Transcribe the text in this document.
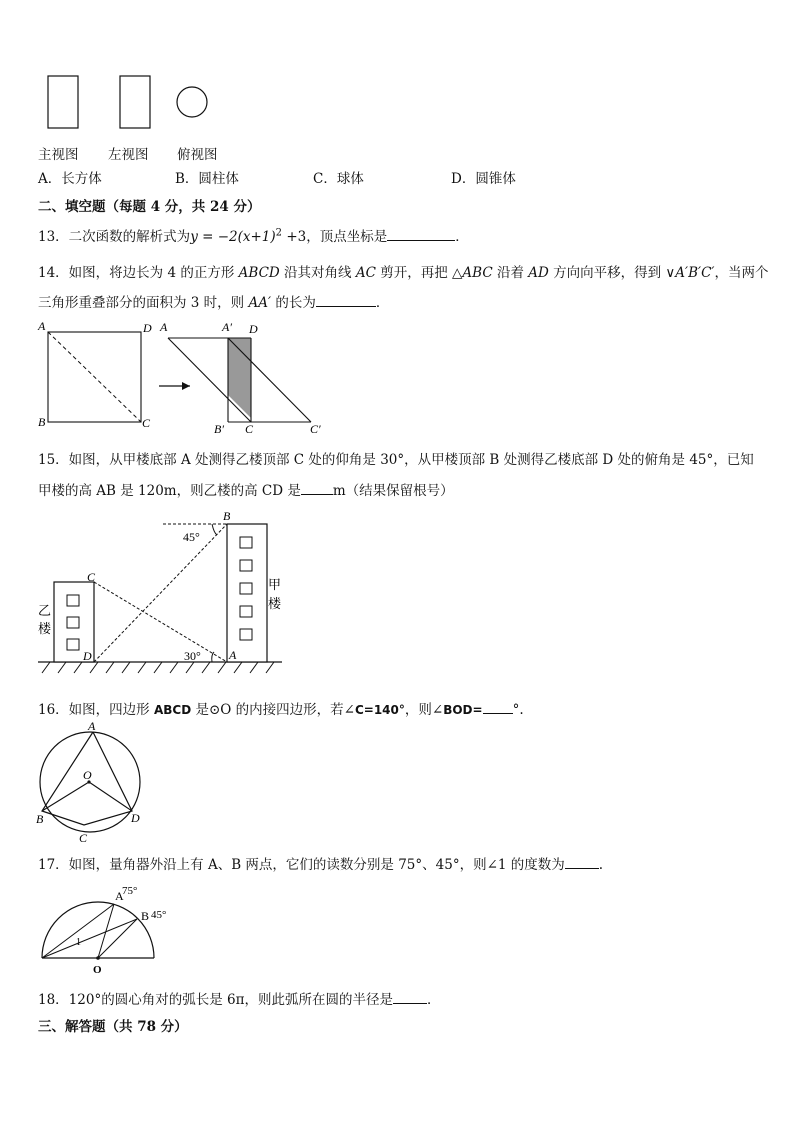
主视图 左视图 俯视图
A．长方体	B．圆柱体	C．球体	D．圆锥体
二、填空题（每题 4 分，共 24 分）
13．二次函数的解析式为$y = -2(x+1)^2 +3$，顶点坐标是	．
14．如图，将边长为 4 的正方形 ABCD 沿其对角线 AC 剪开，再把 △ABC 沿着 AD 方向向平移，得到 ∨A′B′C′，当两个
三角形重叠部分的面积为 3 时，则 AA′ 的长为	．
A	D
B	C
A	A′ D
B′ C	C′
15．如图，从甲楼底部 A 处测得乙楼顶部 C 处的仰角是 30°，从甲楼顶部 B 处测得乙楼底部 D 处的俯角是 45°，已知
甲楼的高 AB 是 120m，则乙楼的高 CD 是 m（结果保留根号）
B
C
D	A
45°
30°
甲
楼
乙
楼
16．如图，四边形 ABCD 是⊙O 的内接四边形，若∠C=140°，则∠BOD= °.
A
O
B
C
D
17．如图，量角器外沿上有 A、B 两点，它们的读数分别是 75°、45°，则∠1 的度数为	.
A
75°
B 45°
1
O
18．120°的圆心角对的弧长是 6π，则此弧所在圆的半径是	．
三、解答题（共 78 分）
